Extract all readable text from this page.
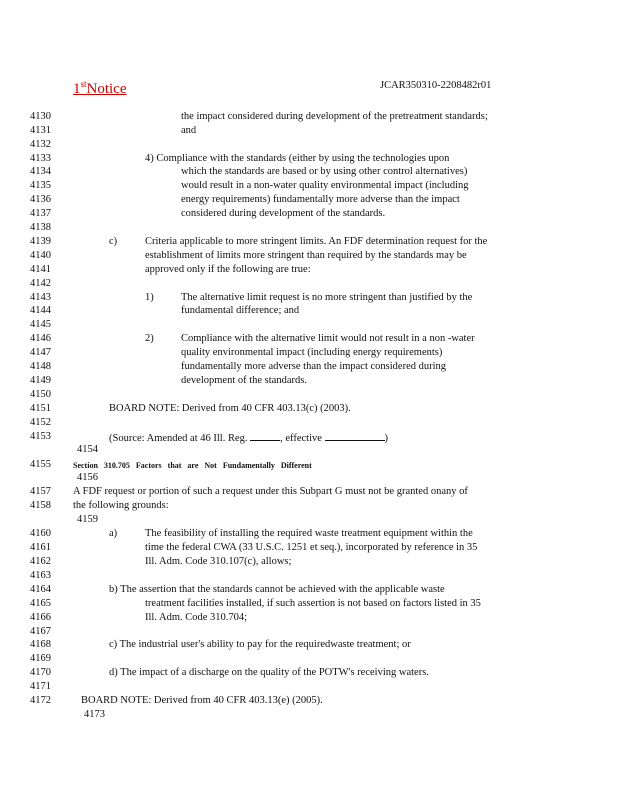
1stNotice	JCAR350310-2208482r01
4130
4131
4132
4133
4134
4135
4136
4137
4138
4139
4140
4141
4142
4143
4144
4145
4146
4147
4148
4149
4150
4151
4152
4153
4155
4157
4158
4160
4161
4162
4163
4164
4165
4166
4167
4168
4169
4170
4171
4172
the impact considered during development of the pretreatment standards;
and
4) Compliance with the standards (either by using the technologies upon
which the standards are based or by using other control alternatives)
would result in a non-water quality environmental impact (including
energy requirements) fundamentally more adverse than the impact
considered during development of the standards.
c)	Criteria applicable to more stringent limits. An FDF determination request for the
establishment of limits more stringent than required by the standards may be
approved only if the following are true:
1)	The alternative limit request is no more stringent than justified by the
fundamental difference; and
2)	Compliance with the alternative limit would not result in a non -water
quality environmental impact (including energy requirements)
fundamentally more adverse than the impact considered during
development of the standards.
BOARD NOTE: Derived from 40 CFR 403.13(c) (2003).
(Source: Amended at 46 Ill. Reg.	, effective	)
4154
Section 310.705 Factors that are Not Fundamentally Different
4156
A FDF request or portion of such a request under this Subpart G must not be granted onany of
the following grounds:
4159
a)	The feasibility of installing the required waste treatment equipment within the
time the federal CWA (33 U.S.C. 1251 et seq.), incorporated by reference in 35
Ill. Adm. Code 310.107(c), allows;
b) The assertion that the standards cannot be achieved with the applicable waste
treatment facilities installed, if such assertion is not based on factors listed in 35
Ill. Adm. Code 310.704;
c) The industrial user's ability to pay for the requiredwaste treatment; or
d) The impact of a discharge on the quality of the POTW's receiving waters.
BOARD NOTE: Derived from 40 CFR 403.13(e) (2005).
4173
